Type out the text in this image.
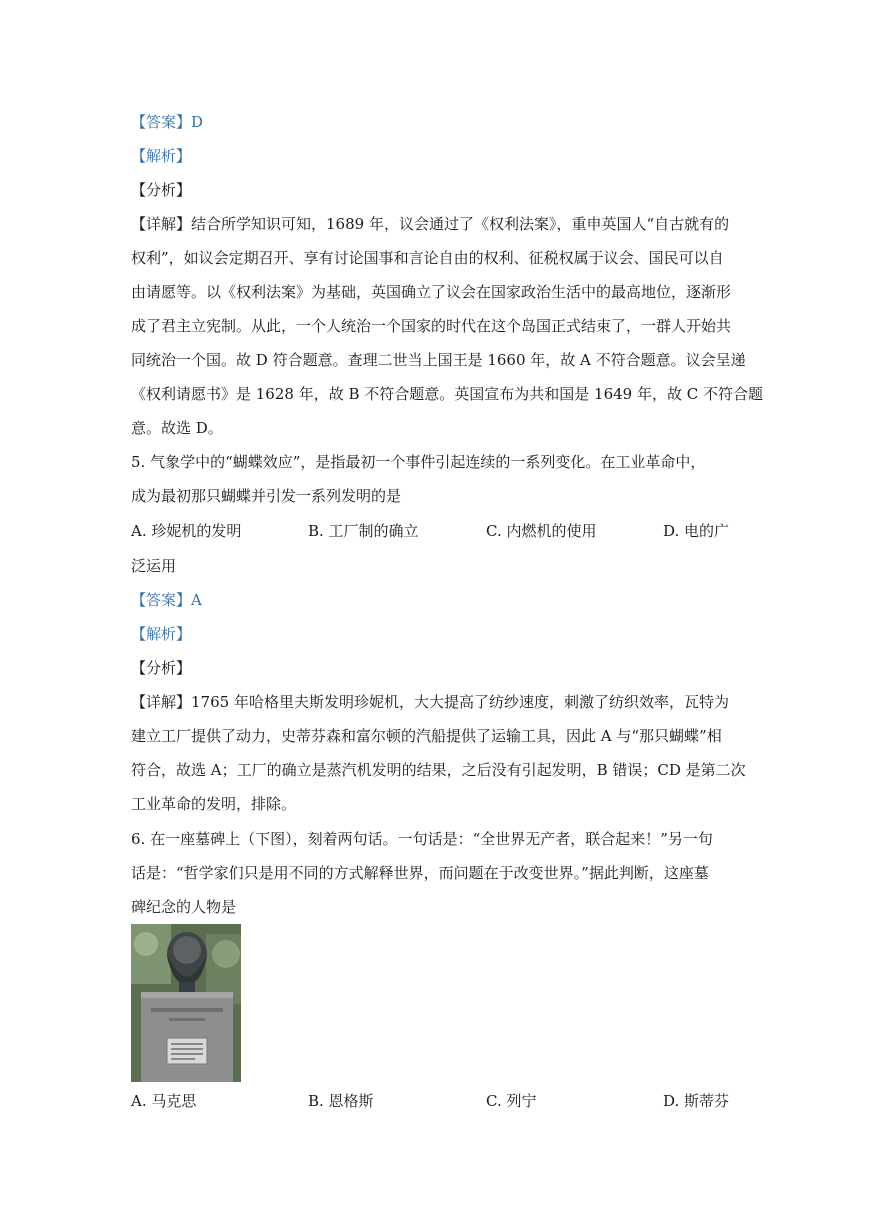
【答案】D
【解析】
【分析】
【详解】结合所学知识可知，1689 年，议会通过了《权利法案》，重申英国人“自古就有的
权利”，如议会定期召开、享有讨论国事和言论自由的权利、征税权属于议会、国民可以自
由请愿等。以《权利法案》为基础，英国确立了议会在国家政治生活中的最高地位，逐渐形
成了君主立宪制。从此，一个人统治一个国家的时代在这个岛国正式结束了，一群人开始共
同统治一个国。故 D 符合题意。查理二世当上国王是 1660 年，故 A 不符合题意。议会呈递
《权利请愿书》是 1628 年，故 B 不符合题意。英国宣布为共和国是 1649 年，故 C 不符合题
意。故选 D。
5. 气象学中的“蝴蝶效应”，是指最初一个事件引起连续的一系列变化。在工业革命中，
成为最初那只蝴蝶并引发一系列发明的是
A. 珍妮机的发明	B. 工厂制的确立	C. 内燃机的使用	D. 电的广
泛运用
【答案】A
【解析】
【分析】
【详解】1765 年哈格里夫斯发明珍妮机，大大提高了纺纱速度，刺激了纺织效率，瓦特为
建立工厂提供了动力，史蒂芬森和富尔顿的汽船提供了运输工具，因此 A 与“那只蝴蝶”相
符合，故选 A；工厂的确立是蒸汽机发明的结果，之后没有引起发明，B 错误；CD 是第二次
工业革命的发明，排除。
6. 在一座墓碑上（下图），刻着两句话。一句话是：“全世界无产者，联合起来！”另一句
话是：“哲学家们只是用不同的方式解释世界，而问题在于改变世界。”据此判断，这座墓
碑纪念的人物是
A. 马克思	B. 恩格斯	C. 列宁	D. 斯蒂芬
